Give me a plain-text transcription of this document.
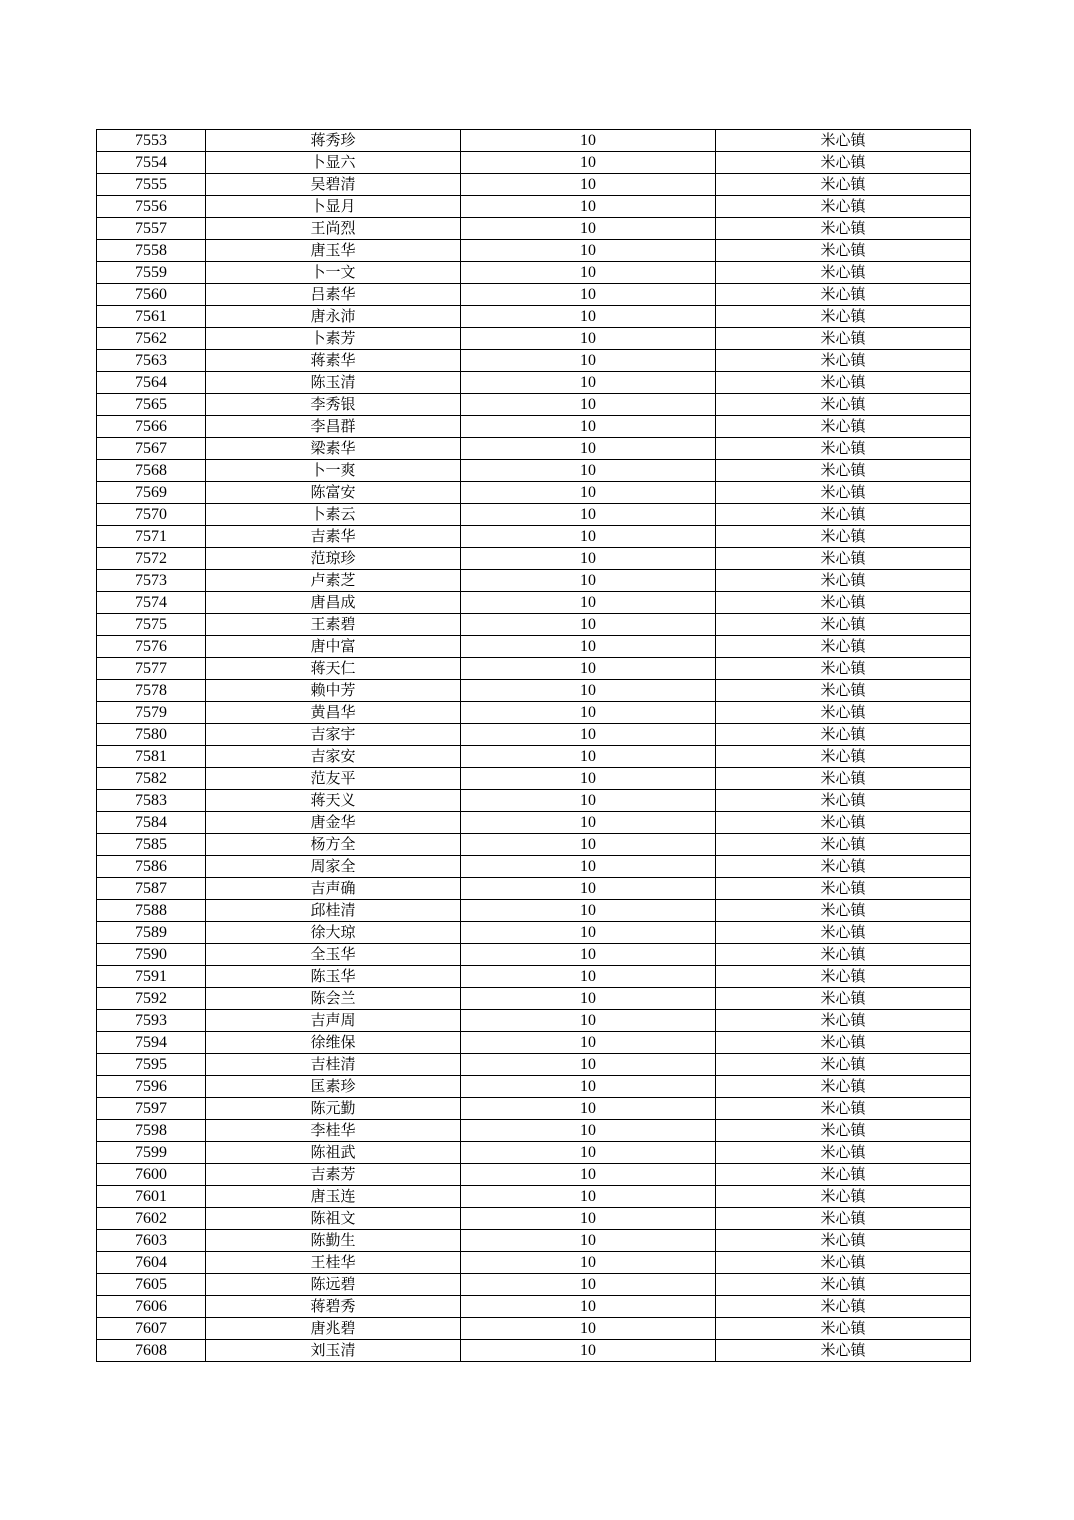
7553	蒋秀珍	10	米心镇
7554	卜显六	10	米心镇
7555	吴碧清	10	米心镇
7556	卜显月	10	米心镇
7557	王尚烈	10	米心镇
7558	唐玉华	10	米心镇
7559	卜一文	10	米心镇
7560	吕素华	10	米心镇
7561	唐永沛	10	米心镇
7562	卜素芳	10	米心镇
7563	蒋素华	10	米心镇
7564	陈玉清	10	米心镇
7565	李秀银	10	米心镇
7566	李昌群	10	米心镇
7567	梁素华	10	米心镇
7568	卜一爽	10	米心镇
7569	陈富安	10	米心镇
7570	卜素云	10	米心镇
7571	吉素华	10	米心镇
7572	范琼珍	10	米心镇
7573	卢素芝	10	米心镇
7574	唐昌成	10	米心镇
7575	王素碧	10	米心镇
7576	唐中富	10	米心镇
7577	蒋天仁	10	米心镇
7578	赖中芳	10	米心镇
7579	黄昌华	10	米心镇
7580	吉家宇	10	米心镇
7581	吉家安	10	米心镇
7582	范友平	10	米心镇
7583	蒋天义	10	米心镇
7584	唐金华	10	米心镇
7585	杨方全	10	米心镇
7586	周家全	10	米心镇
7587	吉声确	10	米心镇
7588	邱桂清	10	米心镇
7589	徐大琼	10	米心镇
7590	全玉华	10	米心镇
7591	陈玉华	10	米心镇
7592	陈会兰	10	米心镇
7593	吉声周	10	米心镇
7594	徐维保	10	米心镇
7595	吉桂清	10	米心镇
7596	匡素珍	10	米心镇
7597	陈元勤	10	米心镇
7598	李桂华	10	米心镇
7599	陈祖武	10	米心镇
7600	吉素芳	10	米心镇
7601	唐玉连	10	米心镇
7602	陈祖文	10	米心镇
7603	陈勤生	10	米心镇
7604	王桂华	10	米心镇
7605	陈远碧	10	米心镇
7606	蒋碧秀	10	米心镇
7607	唐兆碧	10	米心镇
7608	刘玉清	10	米心镇
